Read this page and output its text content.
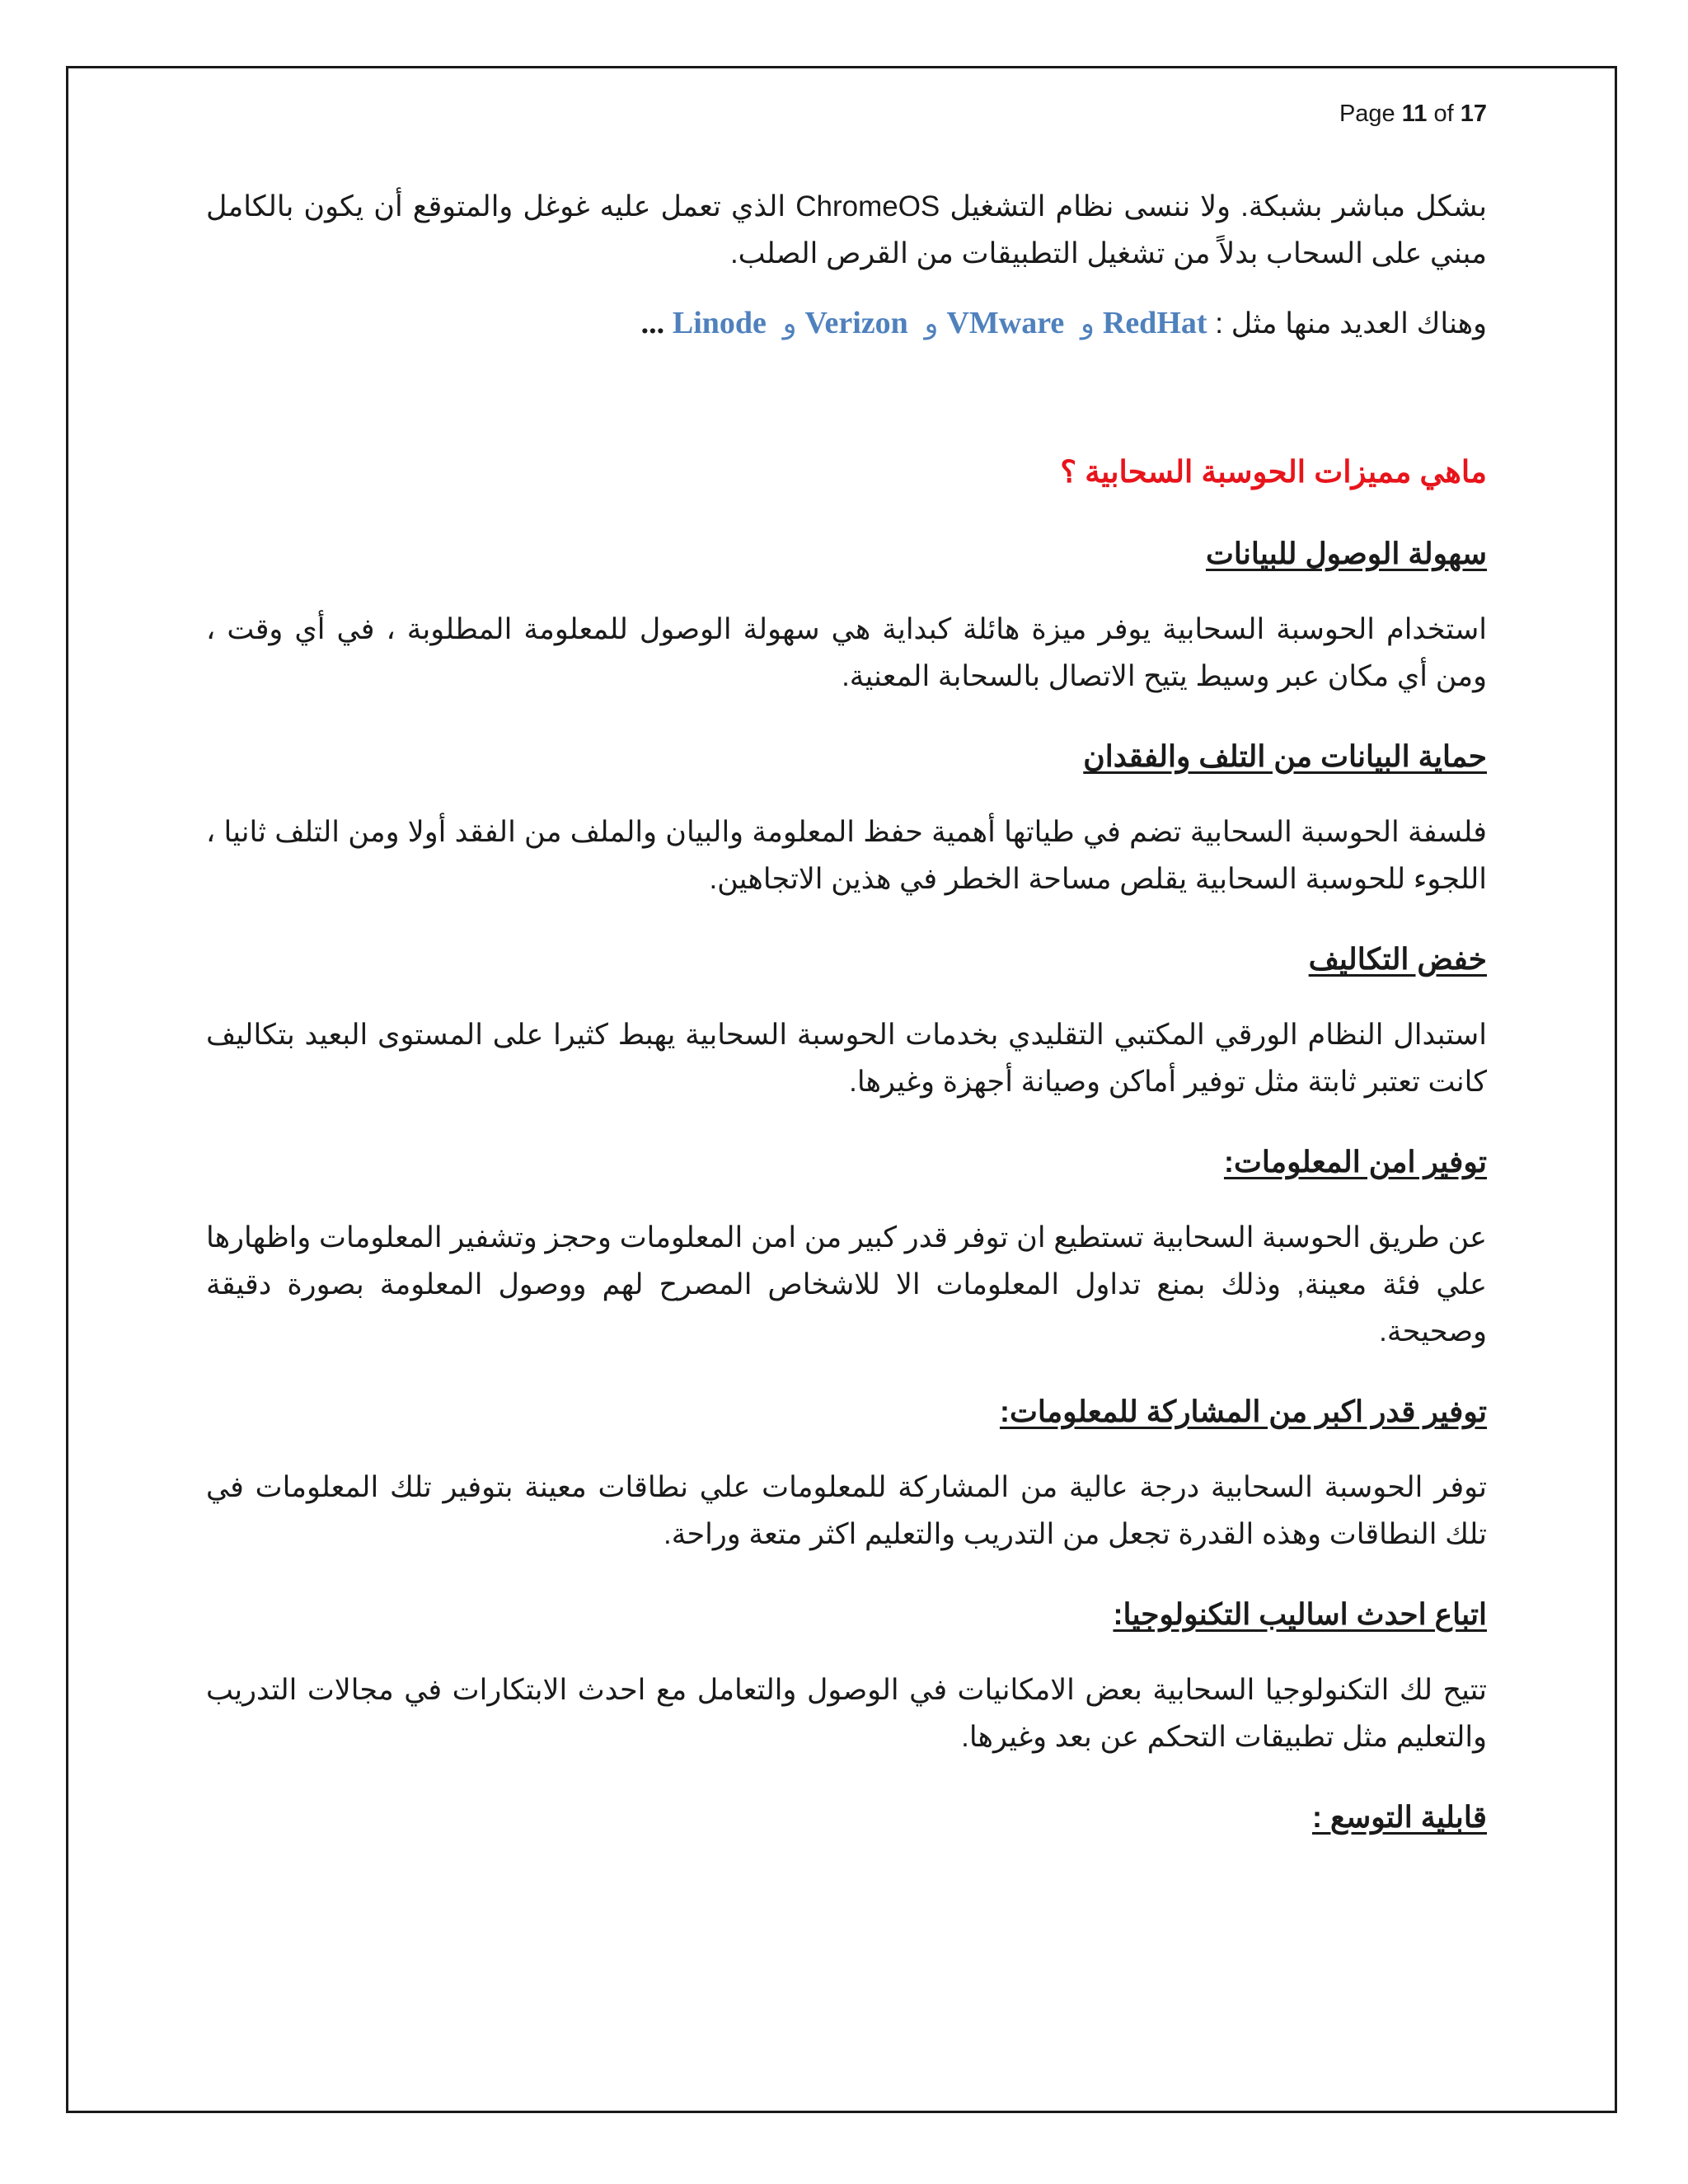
Page 11 of 17

بشكل مباشر بشبكة. ولا ننسى نظام التشغيل ChromeOS الذي تعمل عليه غوغل والمتوقع أن يكون بالكامل مبني على السحاب بدلاً من تشغيل التطبيقات من القرص الصلب.

وهناك العديد منها مثل : RedHatو VMwareو Verizonو Linode ...

ماهي مميزات الحوسبة السحابية ؟

سهولة الوصول للبيانات

استخدام الحوسبة السحابية يوفر ميزة هائلة كبداية هي سهولة الوصول للمعلومة المطلوبة ، في أي وقت ، ومن أي مكان عبر وسيط يتيح الاتصال بالسحابة المعنية.

حماية البيانات من التلف والفقدان

فلسفة الحوسبة السحابية تضم في طياتها أهمية حفظ المعلومة والبيان والملف من الفقد أولا ومن التلف ثانيا ، اللجوء للحوسبة السحابية يقلص مساحة الخطر في هذين الاتجاهين.

خفض التكاليف

استبدال النظام الورقي المكتبي التقليدي بخدمات الحوسبة السحابية يهبط كثيرا على المستوى البعيد بتكاليف كانت تعتبر ثابتة مثل توفير أماكن وصيانة أجهزة وغيرها.

توفير امن المعلومات:

عن طريق الحوسبة السحابية تستطيع ان توفر قدر كبير من امن المعلومات وحجز وتشفير المعلومات واظهارها علي فئة معينة, وذلك بمنع تداول المعلومات الا للاشخاص المصرح لهم ووصول المعلومة بصورة دقيقة وصحيحة.

توفير قدر اكبر من المشاركة للمعلومات:

توفر الحوسبة السحابية درجة عالية من المشاركة للمعلومات علي نطاقات معينة بتوفير تلك المعلومات في تلك النطاقات وهذه القدرة تجعل من التدريب والتعليم اكثر متعة وراحة.

اتباع احدث اساليب التكنولوجيا:

تتيح لك التكنولوجيا السحابية بعض الامكانيات في الوصول والتعامل مع احدث الابتكارات في مجالات التدريب والتعليم مثل تطبيقات التحكم عن بعد وغيرها.

قابلية التوسع :
